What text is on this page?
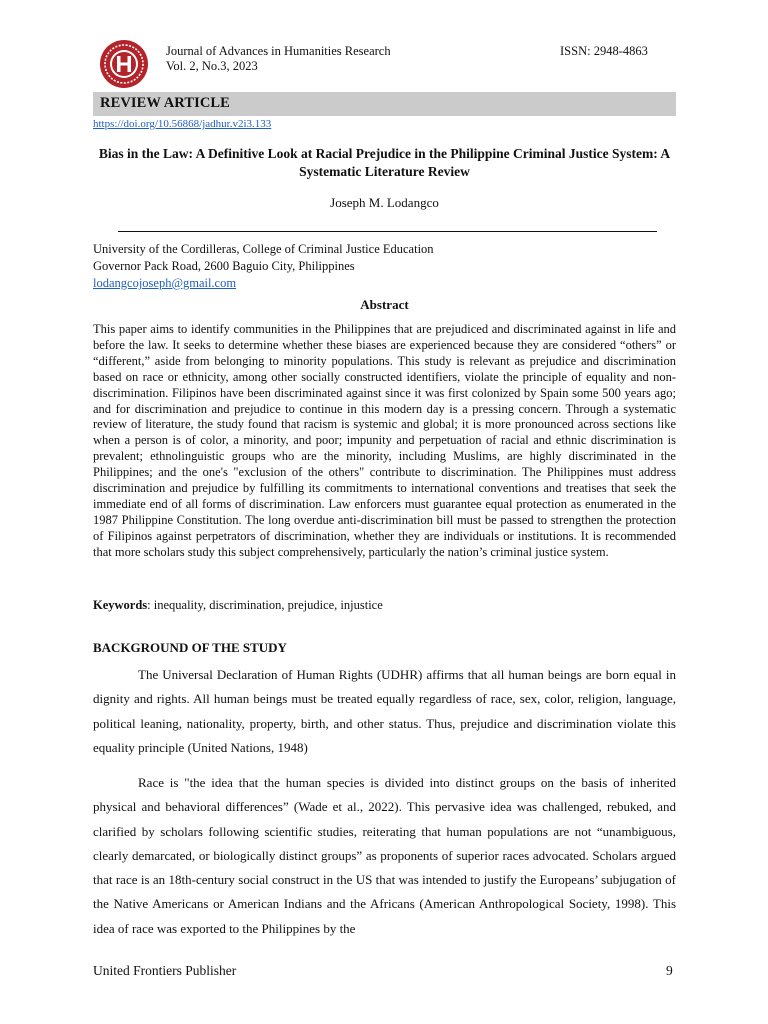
Journal of Advances in Humanities Research
Vol. 2, No.3, 2023
ISSN: 2948-4863
REVIEW ARTICLE
https://doi.org/10.56868/jadhur.v2i3.133
Bias in the Law: A Definitive Look at Racial Prejudice in the Philippine Criminal Justice System: A Systematic Literature Review
Joseph M. Lodangco
University of the Cordilleras, College of Criminal Justice Education
Governor Pack Road, 2600 Baguio City, Philippines
lodangcojoseph@gmail.com
Abstract
This paper aims to identify communities in the Philippines that are prejudiced and discriminated against in life and before the law. It seeks to determine whether these biases are experienced because they are considered “others” or “different,” aside from belonging to minority populations. This study is relevant as prejudice and discrimination based on race or ethnicity, among other socially constructed identifiers, violate the principle of equality and non-discrimination. Filipinos have been discriminated against since it was first colonized by Spain some 500 years ago; and for discrimination and prejudice to continue in this modern day is a pressing concern. Through a systematic review of literature, the study found that racism is systemic and global; it is more pronounced across sections like when a person is of color, a minority, and poor; impunity and perpetuation of racial and ethnic discrimination is prevalent; ethnolinguistic groups who are the minority, including Muslims, are highly discriminated in the Philippines; and the one's "exclusion of the others" contribute to discrimination. The Philippines must address discrimination and prejudice by fulfilling its commitments to international conventions and treatises that seek the immediate end of all forms of discrimination. Law enforcers must guarantee equal protection as enumerated in the 1987 Philippine Constitution. The long overdue anti-discrimination bill must be passed to strengthen the protection of Filipinos against perpetrators of discrimination, whether they are individuals or institutions. It is recommended that more scholars study this subject comprehensively, particularly the nation’s criminal justice system.
Keywords: inequality, discrimination, prejudice, injustice
BACKGROUND OF THE STUDY
The Universal Declaration of Human Rights (UDHR) affirms that all human beings are born equal in dignity and rights. All human beings must be treated equally regardless of race, sex, color, religion, language, political leaning, nationality, property, birth, and other status. Thus, prejudice and discrimination violate this equality principle (United Nations, 1948)
Race is "the idea that the human species is divided into distinct groups on the basis of inherited physical and behavioral differences” (Wade et al., 2022). This pervasive idea was challenged, rebuked, and clarified by scholars following scientific studies, reiterating that human populations are not “unambiguous, clearly demarcated, or biologically distinct groups” as proponents of superior races advocated. Scholars argued that race is an 18th-century social construct in the US that was intended to justify the Europeans’ subjugation of the Native Americans or American Indians and the Africans (American Anthropological Society, 1998). This idea of race was exported to the Philippines by the
United Frontiers Publisher	9
